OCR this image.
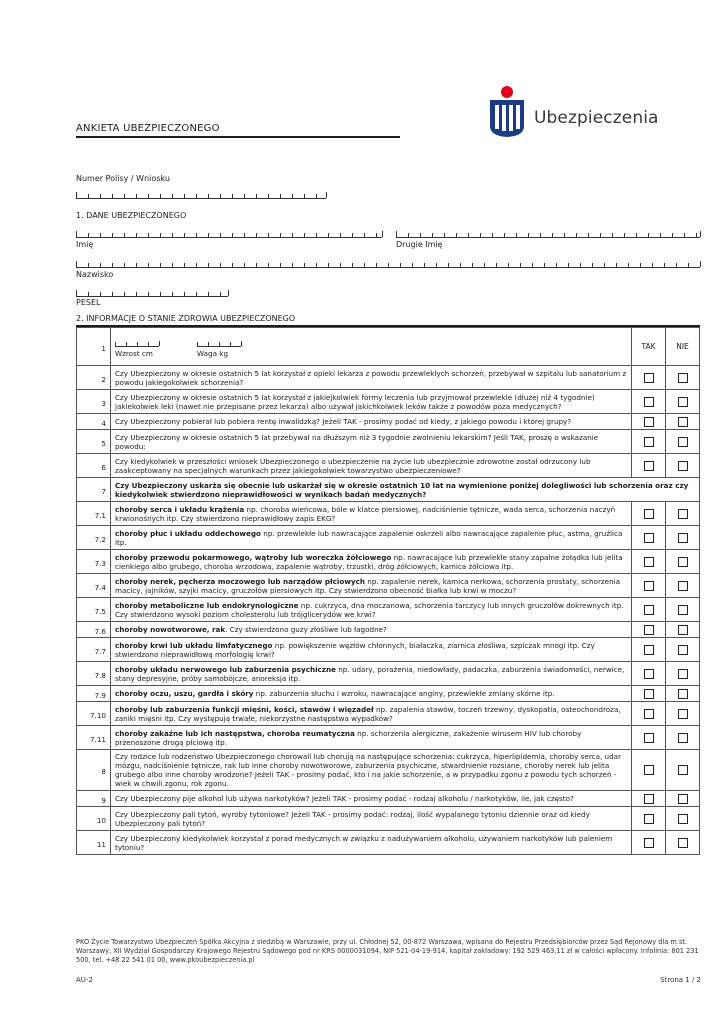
Ubezpieczenia
ANKIETA UBEZPIECZONEGO
Numer Polisy / Wniosku
1. DANE UBEZPIECZONEGO
Imię	Drugie Imię
Nazwisko
PESEL
2. INFORMACJE O STANIE ZDROWIA UBEZPIECZONEGO
1	Wzrost cm Waga kg	TAK	NIE
2	Czy Ubezpieczony w okresie ostatnich 5 lat korzystał z opieki lekarza z powodu przewlekłych schorzeń, przebywał w szpitalu lub sanatorium z powodu jakiegokolwiek schorzenia?		
3	Czy Ubezpieczony w okresie ostatnich 5 lat korzystał z jakiejkolwiek formy leczenia lub przyjmował przewlekle (dłużej niż 4 tygodnie) jakiekolwiek leki (nawet nie przepisane przez lekarza) albo używał jakichkolwiek leków także z powodów poza medycznych?		
4	Czy Ubezpieczony pobierał lub pobiera rentę inwalidzką? Jeżeli TAK - prosimy podać od kiedy, z jakiego powodu i której grupy?		
5	Czy Ubezpieczony w okresie ostatnich 5 lat przebywał na dłuższym niż 3 tygodnie zwolnieniu lekarskim? Jeśli TAK, proszę o wskazanie powodu:		
6	Czy kiedykolwiek w przeszłości wniosek Ubezpieczonego o ubezpieczenie na życie lub ubezpiecznie zdrowotne został odrzucony lub zaakceptowany na specjalnych warunkach przez jakiegokolwiek towarzystwo ubezpieczeniowe?		
7	Czy Ubezpieczony uskarża się obecnie lub uskarżał się w okresie ostatnich 10 lat na wymienione poniżej dolegliwości lub schorzenia oraz czy kiedykolwiek stwierdzono nieprawidłowości w wynikach badań medycznych?		
7.1	choroby serca i układu krążenia np. choroba wieńcowa, bóle w klatce piersiowej, nadciśnienie tętnicze, wada serca, schorzenia naczyń krwionośnych itp. Czy stwierdzono nieprawidłowy zapis EKG?		
7.2	choroby płuc i układu oddechowego np. przewlekłe lub nawracające zapalenie oskrzeli albo nawracające zapalenie płuc, astma, gruźlica itp.		
7.3	choroby przewodu pokarmowego, wątroby lub woreczka żółciowego np. nawracające lub przewlekłe stany zapalne żołądka lub jelita cienkiego albo grubego, choroba wrzodowa, zapalenie wątroby, trzustki, dróg żółciowych, kamica żółciowa itp.		
7.4	choroby nerek, pęcherza moczowego lub narządów płciowych np. zapalenie nerek, kamica nerkowa, schorzenia prostaty, schorzenia macicy, jajników, szyjki macicy, gruczołów piersiowych itp. Czy stwierdzono obecność białka lub krwi w moczu?		
7.5	choroby metaboliczne lub endokrynologiczne np. cukrzyca, dna moczanowa, schorzenia tarczycy lub innych gruczołów dokrewnych itp. Czy stwierdzono wysoki poziom cholesterolu lub trójglicerydów we krwi?		
7.6	choroby nowotworowe, rak. Czy stwierdzono guzy złośliwe lub łagodne?		
7.7	choroby krwi lub układu limfatycznego np. powiększenie węzłów chłonnych, białaczka, ziarnica złośliwa, szpiczak mnogi itp. Czy stwierdzono nieprawidłową morfologię krwi?		
7.8	choroby układu nerwowego lub zaburzenia psychiczne np. udary, porażenia, niedowłady, padaczka, zaburzenia świadomości, nerwice, stany depresyjne, próby samobójcze, anoreksja itp.		
7.9	choroby oczu, uszu, gardła i skóry np. zaburzenia słuchu i wzroku, nawracające anginy, przewlekłe zmiany skórne itp.		
7.10	choroby lub zaburzenia funkcji mięśni, kości, stawów i więzadeł np. zapalenia stawów, toczeń trzewny, dyskopatia, osteochondroza, zaniki mięśni itp. Czy występują trwałe, niekorzystne następstwa wypadków?		
7.11	choroby zakaźne lub ich następstwa, choroba reumatyczna np. schorzenia alergiczne, zakażenie wirusem HIV lub choroby przenoszone drogą płciową itp.		
8	Czy rodzice lub rodzeństwo Ubezpieczonego chorowali lub chorują na następujące schorzenia: cukrzyca, hiperlipidemia, choroby serca, udar mózgu, nadciśnienie tętnicze, rak lub inne choroby nowotworowe, zaburzenia psychiczne, stwardnienie rozsiane, choroby nerek lub jelita grubego albo inne choroby wrodzone? Jeżeli TAK - prosimy podać, kto i na jakie schorzenie, a w przypadku zgonu z powodu tych schorzeń - wiek w chwili zgonu, rok zgonu.		
9	Czy Ubezpieczony pije alkohol lub używa narkotyków? Jeżeli TAK - prosimy podać - rodzaj alkoholu / narkotyków, ile, jak często?		
10	Czy Ubezpieczony pali tytoń, wyroby tytoniowe? Jeżeli TAK - prosimy podać: rodzaj, ilość wypalanego tytoniu dziennie oraz od kiedy Ubezpieczony pali tytoń?		
11	Czy Ubezpieczony kiedykolwiek korzystał z porad medycznych w związku z nadużywaniem alkoholu, używaniem narkotyków lub paleniem tytoniu?		
PKO Życie Towarzystwo Ubezpieczeń Spółka Akcyjna z siedzibą w Warszawie, przy ul. Chłodnej 52, 00-872 Warszawa, wpisana do Rejestru Przedsiębiorców przez Sąd Rejonowy dla m.st. Warszawy, XII Wydział Gospodarczy Krajowego Rejestru Sądowego pod nr KRS 0000031094, NIP 521-04-19-914, kapitał zakładowy: 192 529 463,11 zł w całości wpłacony. Infolinia: 801 231 500, tel. +48 22 541 01 00, www.pkoubezpieczenia.pl
AU-2	Strona 1 / 2
